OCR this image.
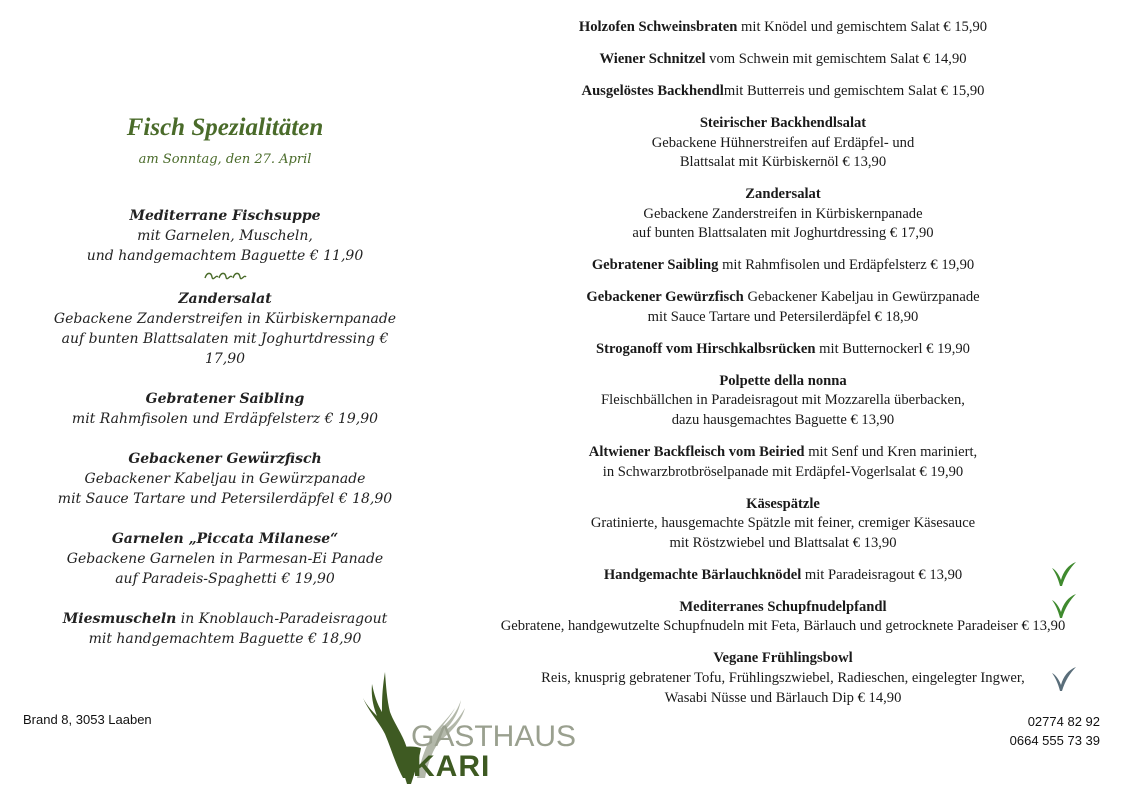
Fisch Spezialitäten
am Sonntag, den 27. April
Mediterrane Fischsuppe
mit Garnelen, Muscheln,
und handgemachtem Baguette € 11,90
Zandersalat
Gebackene Zanderstreifen in Kürbiskernpanade
auf bunten Blattsalaten mit Joghurtdressing € 17,90
Gebratener Saibling
mit Rahmfisolen und Erdäpfelsterz € 19,90
Gebackener Gewürzfisch
Gebackener Kabeljau in Gewürzpanade
mit Sauce Tartare und Petersilerdäpfel € 18,90
Garnelen „Piccata Milanese“
Gebackene Garnelen in Parmesan-Ei Panade
auf Paradeis-Spaghetti € 19,90
Miesmuscheln in Knoblauch-Paradeisragout
mit handgemachtem Baguette € 18,90
Holzofen Schweinsbraten mit Knödel und gemischtem Salat € 15,90
Wiener Schnitzel vom Schwein mit gemischtem Salat € 14,90
Ausgelöstes Backhendlmit Butterreis und gemischtem Salat € 15,90
Steirischer Backhendlsalat
Gebackene Hühnerstreifen auf Erdäpfel- und
Blattsalat mit Kürbiskernöl € 13,90
Zandersalat
Gebackene Zanderstreifen in Kürbiskernpanade
auf bunten Blattsalaten mit Joghurtdressing € 17,90
Gebratener Saibling mit Rahmfisolen und Erdäpfelsterz € 19,90
Gebackener Gewürzfisch Gebackener Kabeljau in Gewürzpanade
mit Sauce Tartare und Petersilerdäpfel € 18,90
Stroganoff vom Hirschkalbsrücken mit Butternockerl € 19,90
Polpette della nonna
Fleischbällchen in Paradeisragout mit Mozzarella überbacken,
dazu hausgemachtes Baguette € 13,90
Altwiener Backfleisch vom Beiried mit Senf und Kren mariniert,
in Schwarzbrotbröselpanade mit Erdäpfel-Vogerlsalat € 19,90
Käsespätzle
Gratinierte, hausgemachte Spätzle mit feiner, cremiger Käsesauce
mit Röstzwiebel und Blattsalat € 13,90
Handgemachte Bärlauchknödel mit Paradeisragout € 13,90
Mediterranes Schupfnudelpfandl
Gebratene, handgewutzelte Schupfnudeln mit Feta, Bärlauch und getrocknete Paradeiser € 13,90
Vegane Frühlingsbowl
Reis, knusprig gebratener Tofu, Frühlingszwiebel, Radieschen, eingelegter Ingwer,
Wasabi Nüsse und Bärlauch Dip € 14,90
Brand 8, 3053 Laaben
GASTHAUS
KARI
02774 82 92
0664 555 73 39
